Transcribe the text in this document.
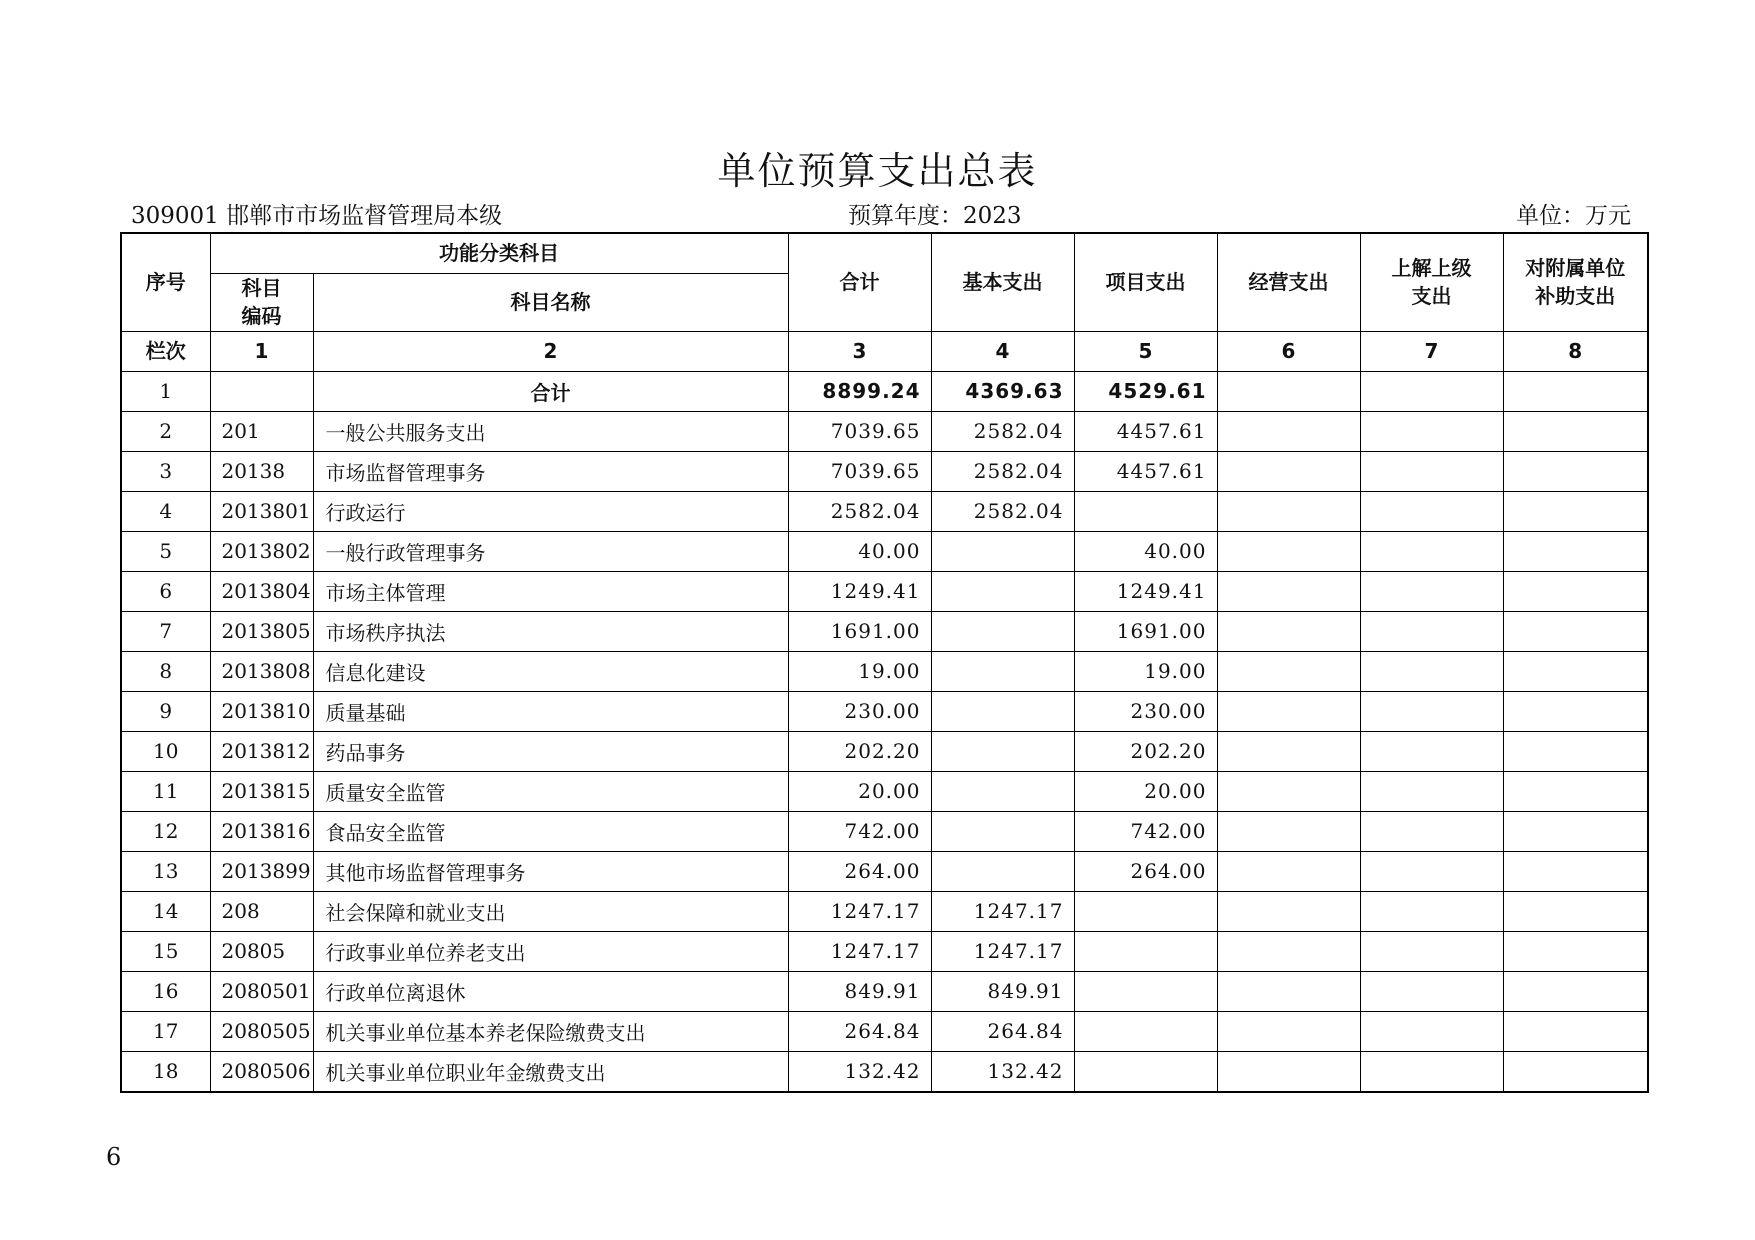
单位预算支出总表
309001 邯郸市市场监督管理局本级	预算年度：2023	单位：万元
序号	功能分类科目		合计	基本支出	项目支出	经营支出	上解上级支出	对附属单位补助支出
	科目编码	科目名称						
栏次	1	2	3	4	5	6	7	8
1		合计	8899.24	4369.63	4529.61			
2	201	一般公共服务支出	7039.65	2582.04	4457.61			
3	20138	市场监督管理事务	7039.65	2582.04	4457.61			
4	2013801	行政运行	2582.04	2582.04				
5	2013802	一般行政管理事务	40.00		40.00			
6	2013804	市场主体管理	1249.41		1249.41			
7	2013805	市场秩序执法	1691.00		1691.00			
8	2013808	信息化建设	19.00		19.00			
9	2013810	质量基础	230.00		230.00			
10	2013812	药品事务	202.20		202.20			
11	2013815	质量安全监管	20.00		20.00			
12	2013816	食品安全监管	742.00		742.00			
13	2013899	其他市场监督管理事务	264.00		264.00			
14	208	社会保障和就业支出	1247.17	1247.17				
15	20805	行政事业单位养老支出	1247.17	1247.17				
16	2080501	行政单位离退休	849.91	849.91				
17	2080505	机关事业单位基本养老保险缴费支出	264.84	264.84				
18	2080506	机关事业单位职业年金缴费支出	132.42	132.42				
6
